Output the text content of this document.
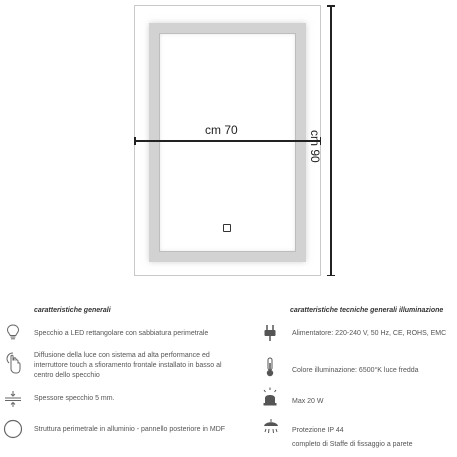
cm 70	cm 90
caratteristiche generali
Specchio a LED rettangolare con sabbiatura perimetrale
Diffusione della luce con sistema ad alta performance ed
interruttore touch a sfioramento frontale installato in basso al
centro dello specchio
Spessore specchio 5 mm.
Struttura perimetrale in alluminio - pannello posteriore in MDF
caratteristiche tecniche generali illuminazione
Alimentatore: 220-240 V, 50 Hz, CE, ROHS, EMC
Colore illuminazione: 6500°K luce fredda
Max 20 W
Protezione IP 44
completo di Staffe di fissaggio a parete
